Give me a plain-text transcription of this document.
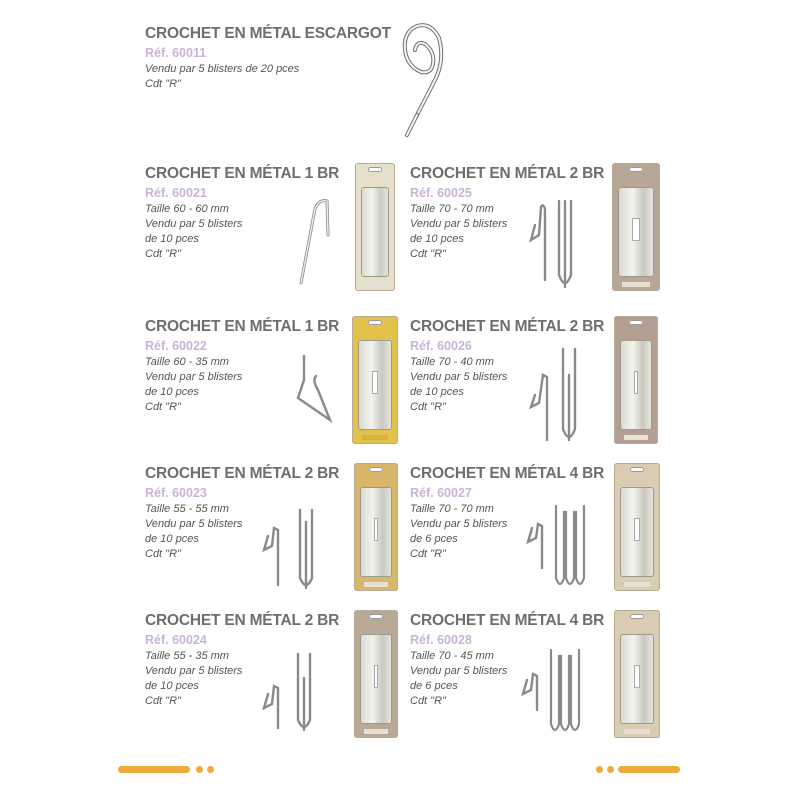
CROCHET EN MÉTAL ESCARGOT
Réf. 60011
Vendu par 5 blisters de 20 pces
Cdt "R"
CROCHET EN MÉTAL 1 BR
Réf. 60021
Taille 60 - 60 mm
Vendu par 5 blisters
de 10 pces
Cdt "R"
CROCHET EN MÉTAL 2 BR
Réf. 60025
Taille 70 - 70 mm
Vendu par 5 blisters
de 10 pces
Cdt "R"
CROCHET EN MÉTAL 1 BR
Réf. 60022
Taille 60 - 35 mm
Vendu par 5 blisters
de 10 pces
Cdt "R"
CROCHET EN MÉTAL 2 BR
Réf. 60026
Taille 70 - 40 mm
Vendu par 5 blisters
de 10 pces
Cdt "R"
CROCHET EN MÉTAL 2 BR
Réf. 60023
Taille 55 - 55 mm
Vendu par 5 blisters
de 10 pces
Cdt "R"
CROCHET EN MÉTAL 4 BR
Réf. 60027
Taille 70 - 70 mm
Vendu par 5 blisters
de 6 pces
Cdt "R"
CROCHET EN MÉTAL 2 BR
Réf. 60024
Taille 55 - 35 mm
Vendu par 5 blisters
de 10 pces
Cdt "R"
CROCHET EN MÉTAL 4 BR
Réf. 60028
Taille 70 - 45 mm
Vendu par 5 blisters
de 6 pces
Cdt "R"
